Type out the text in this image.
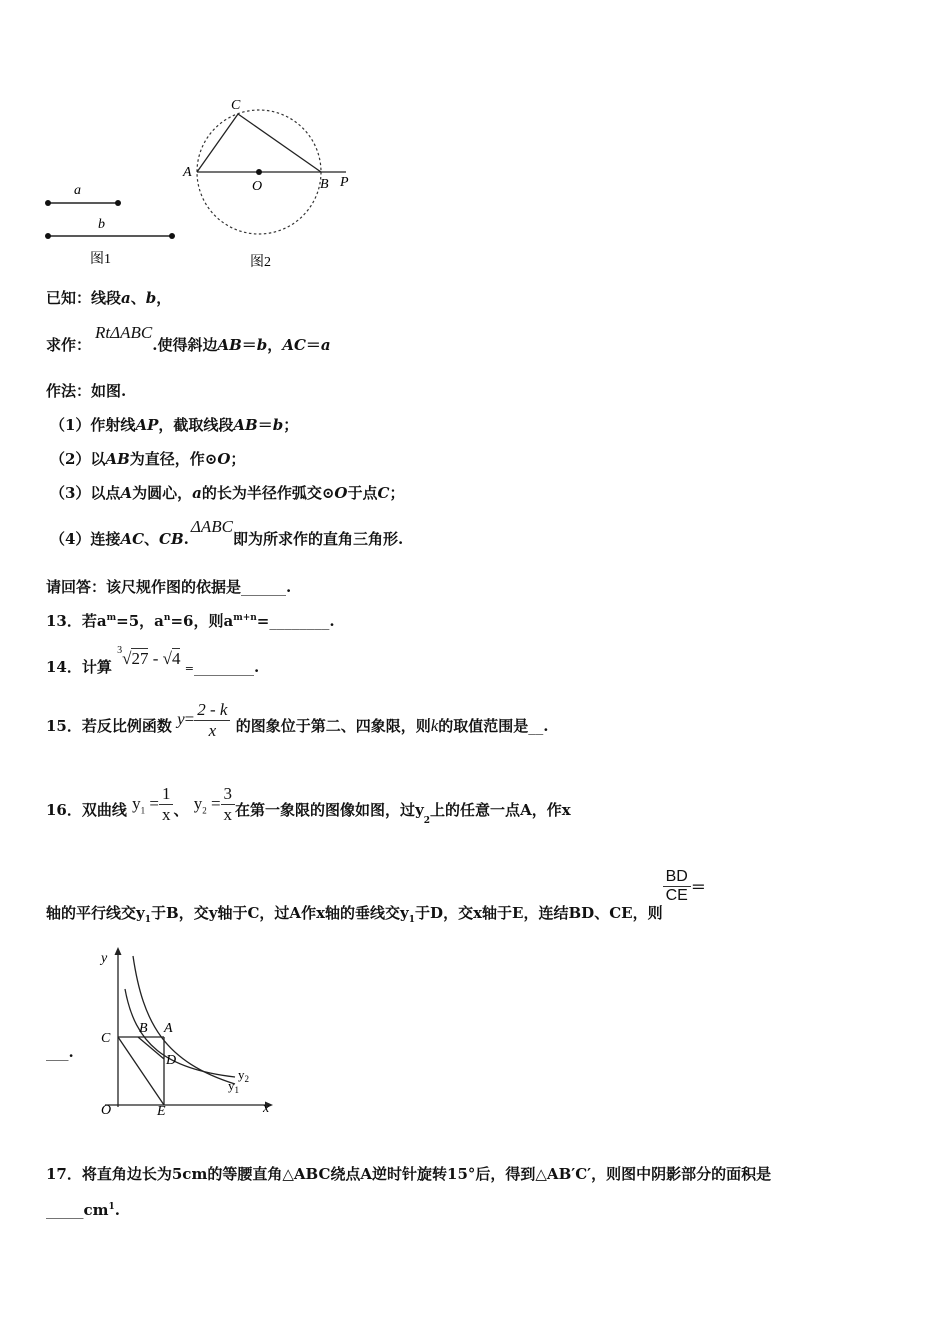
a
b
图1
C
A
O	B P
图2
已知：线段a、b，
求作：RtΔABC.使得斜边AB＝b，AC＝a
作法：如图.
（1）作射线AP，截取线段AB＝b；
（2）以AB为直径，作⊙O；
（3）以点A为圆心，a的长为半径作弧交⊙O于点C；
（4）连接AC、CB.ΔABC即为所求作的直角三角形.
请回答：该尺规作图的依据是______.
13．若$a^m=5$，$a^n=6$，则$a^{m+n}=\_\_\_\_\_\_\_\_$.
14．计算 $^3$√27 - √4 $_=$________.
15．若反比例函数 $y= \frac{2 - k}{x}$ 的图象位于第二、四象限，则k的取值范围是__.
16．双曲线 $y_1 = \frac{1}{x}$ 、 $y_2 = \frac{3}{x}$ 在第一象限的图像如图，过$y_2$上的任意一点A，作x
轴的平行线交$y_1$于B，交y轴于C，过A作x轴的垂线交$y_1$于D，交x轴于E，连结BD、CE，则
$\frac{BD}{CE}$ ＝
___.
y
x
O	E
C
B A
D
$y_2$
$y_1$
17．将直角边长为5cm的等腰直角△ABC绕点A逆时针旋转15°后，得到△AB′C′，则图中阴影部分的面积是
$\_\_\_\_\_cm^1$.
